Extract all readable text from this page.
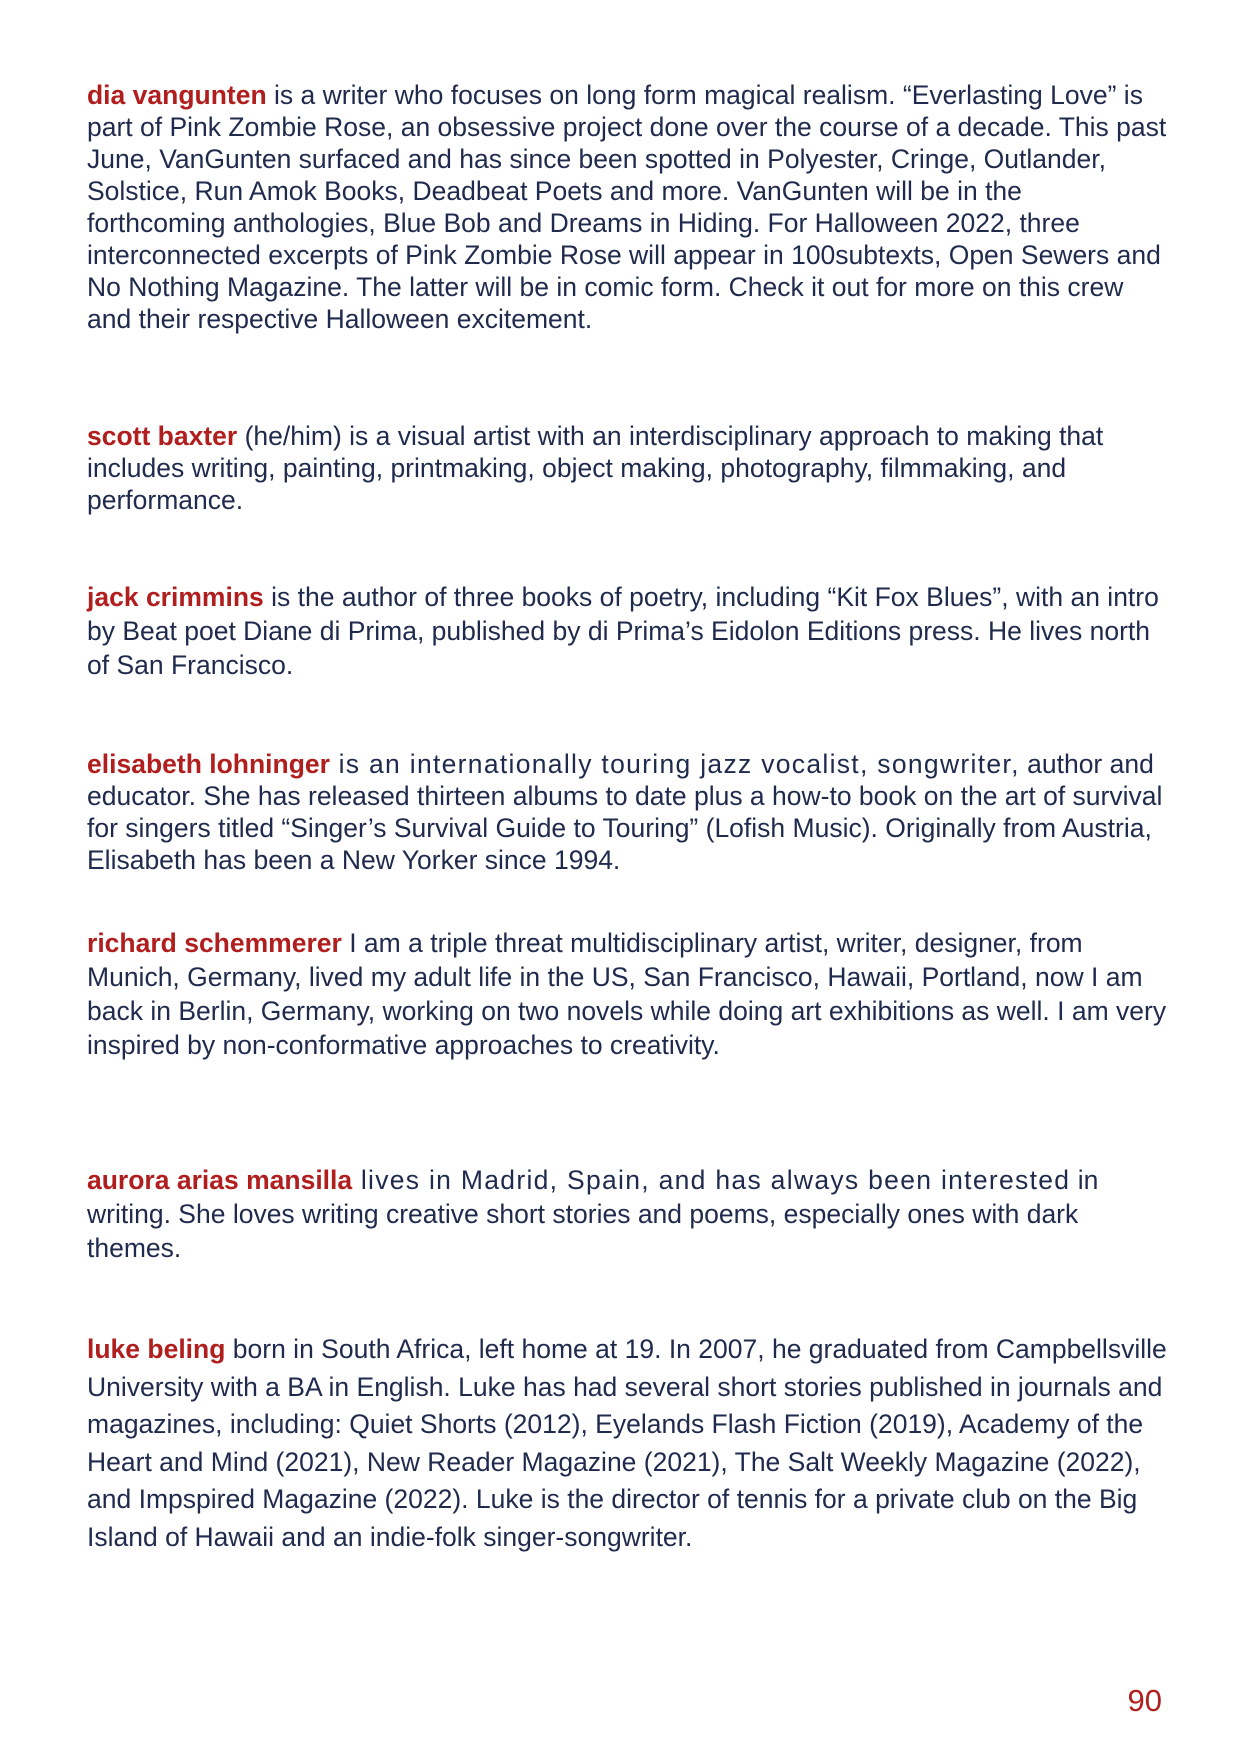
dia vangunten is a writer who focuses on long form magical realism. “Everlasting Love” is part of Pink Zombie Rose, an obsessive project done over the course of a decade. This past June, VanGunten surfaced and has since been spotted in Polyester, Cringe, Outlander, Solstice, Run Amok Books, Deadbeat Poets and more. VanGunten will be in the forthcoming anthologies, Blue Bob and Dreams in Hiding. For Halloween 2022, three interconnected excerpts of Pink Zombie Rose will appear in 100subtexts, Open Sewers and No Nothing Magazine. The latter will be in comic form. Check it out for more on this crew and their respective Halloween excitement.

scott baxter (he/him) is a visual artist with an interdisciplinary approach to making that includes writing, painting, printmaking, object making, photography, filmmaking, and performance.

jack crimmins is the author of three books of poetry, including “Kit Fox Blues”, with an intro by Beat poet Diane di Prima, published by di Prima’s Eidolon Editions press. He lives north of San Francisco.

elisabeth lohninger is an internationally touring jazz vocalist, songwriter, author and educator. She has released thirteen albums to date plus a how-to book on the art of survival for singers titled “Singer’s Survival Guide to Touring” (Lofish Music). Originally from Austria, Elisabeth has been a New Yorker since 1994.

richard schemmerer I am a triple threat multidisciplinary artist, writer, designer, from Munich, Germany, lived my adult life in the US, San Francisco, Hawaii, Portland, now I am back in Berlin, Germany, working on two novels while doing art exhibitions as well. I am very inspired by non-conformative approaches to creativity.

aurora arias mansilla lives in Madrid, Spain, and has always been interested in writing. She loves writing creative short stories and poems, especially ones with dark themes.

luke beling born in South Africa, left home at 19. In 2007, he graduated from Campbellsville University with a BA in English. Luke has had several short stories published in journals and magazines, including: Quiet Shorts (2012), Eyelands Flash Fiction (2019), Academy of the Heart and Mind (2021), New Reader Magazine (2021), The Salt Weekly Magazine (2022), and Impspired Magazine (2022). Luke is the director of tennis for a private club on the Big Island of Hawaii and an indie-folk singer-songwriter.

90
